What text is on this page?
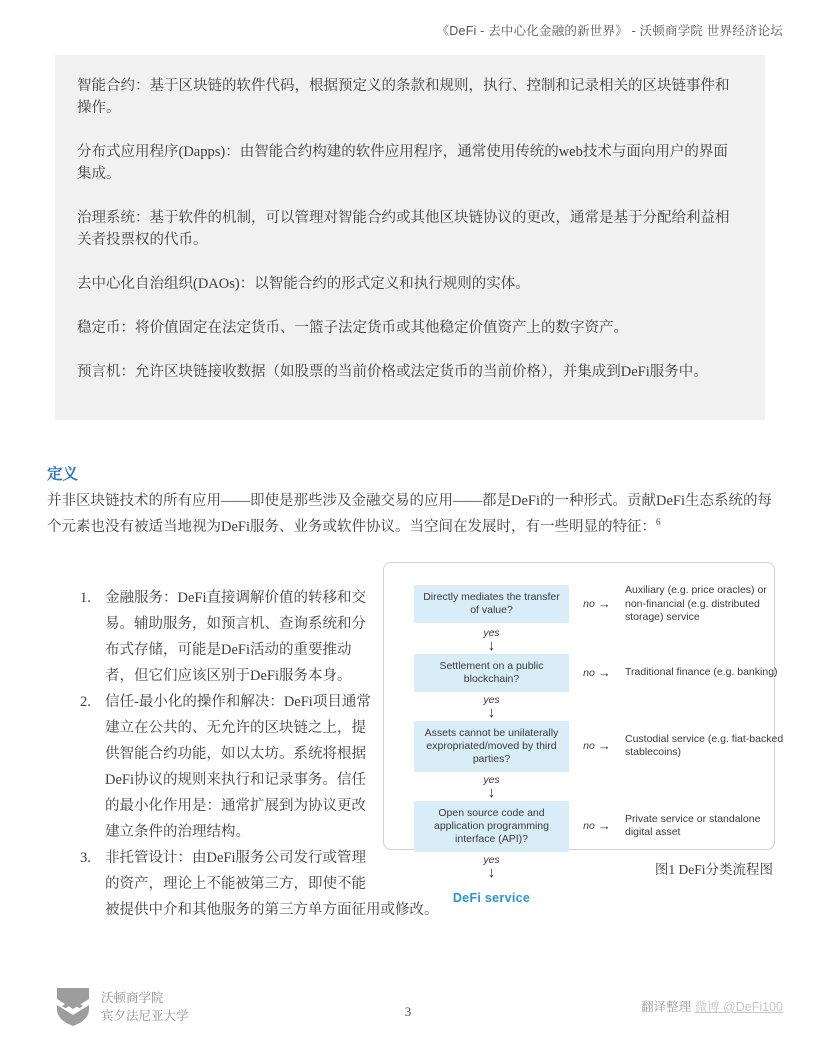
《DeFi - 去中心化金融的新世界》 - 沃顿商学院 世界经济论坛

智能合约：基于区块链的软件代码，根据预定义的条款和规则，执行、控制和记录相关的区块链事件和操作。

分布式应用程序(Dapps)：由智能合约构建的软件应用程序，通常使用传统的web技术与面向用户的界面集成。

治理系统：基于软件的机制，可以管理对智能合约或其他区块链协议的更改，通常是基于分配给利益相关者投票权的代币。

去中心化自治组织(DAOs)：以智能合约的形式定义和执行规则的实体。

稳定币：将价值固定在法定货币、一篮子法定货币或其他稳定价值资产上的数字资产。

预言机：允许区块链接收数据（如股票的当前价格或法定货币的当前价格），并集成到DeFi服务中。

定义
并非区块链技术的所有应用——即使是那些涉及金融交易的应用——都是DeFi的一种形式。贡献DeFi生态系统的每个元素也没有被适当地视为DeFi服务、业务或软件协议。当空间在发展时，有一些明显的特征：$^6$
Directly mediates the transfer of value?	no →
Auxiliary (e.g. price oracles) or non-financial (e.g. distributed storage) service
yes
↓
Settlement on a public blockchain?	no → Traditional finance (e.g. banking)
yes
↓
Assets cannot be unilaterally expropriated/moved by third parties?
no → Custodial service (e.g. fiat-backed stablecoins)
yes
↓
Open source code and application programming interface (API)?
no → Private service or standalone digital asset
yes
↓
DeFi service
图1 DeFi分类流程图
1. 金融服务：DeFi直接调解价值的转移和交易。辅助服务，如预言机、查询系统和分布式存储，可能是DeFi活动的重要推动者，但它们应该区别于DeFi服务本身。
2. 信任-最小化的操作和解决：DeFi项目通常建立在公共的、无允许的区块链之上，提供智能合约功能，如以太坊。系统将根据DeFi协议的规则来执行和记录事务。信任的最小化作用是：通常扩展到为协议更改建立条件的治理结构。
3. 非托管设计：由DeFi服务公司发行或管理的资产，理论上不能被第三方，即使不能被提供中介和其他服务的第三方单方面征用或修改。
沃顿商学院
宾夕法尼亚大学	3	翻译整理 微博 @DeFi100
